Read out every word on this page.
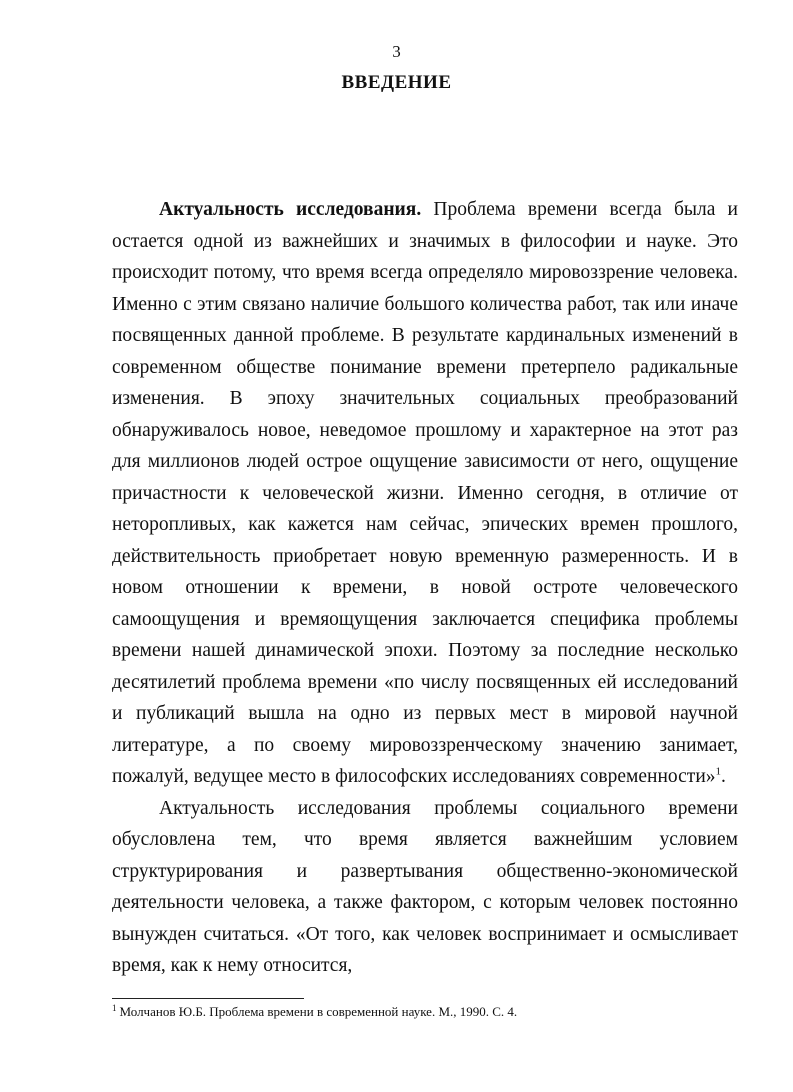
3
ВВЕДЕНИЕ

Актуальность исследования. Проблема времени всегда была и остается одной из важнейших и значимых в философии и науке. Это происходит потому, что время всегда определяло мировоззрение человека. Именно с этим связано наличие большого количества работ, так или иначе посвященных данной проблеме. В результате кардинальных изменений в современном обществе понимание времени претерпело радикальные изменения. В эпоху значительных социальных преобразований обнаруживалось новое, неведомое прошлому и характерное на этот раз для миллионов людей острое ощущение зависимости от него, ощущение причастности к человеческой жизни. Именно сегодня, в отличие от неторопливых, как кажется нам сейчас, эпических времен прошлого, действительность приобретает новую временную размеренность. И в новом отношении к времени, в новой остроте человеческого самоощущения и времяощущения заключается специфика проблемы времени нашей динамической эпохи. Поэтому за последние несколько десятилетий проблема времени «по числу посвященных ей исследований и публикаций вышла на одно из первых мест в мировой научной литературе, а по своему мировоззренческому значению занимает, пожалуй, ведущее место в философских исследованиях современности»$^1$.

Актуальность исследования проблемы социального времени обусловлена тем, что время является важнейшим условием структурирования и развертывания общественно-экономической деятельности человека, а также фактором, с которым человек постоянно вынужден считаться. «От того, как человек воспринимает и осмысливает время, как к нему относится,

$^1$ Молчанов Ю.Б. Проблема времени в современной науке. М., 1990. С. 4.
